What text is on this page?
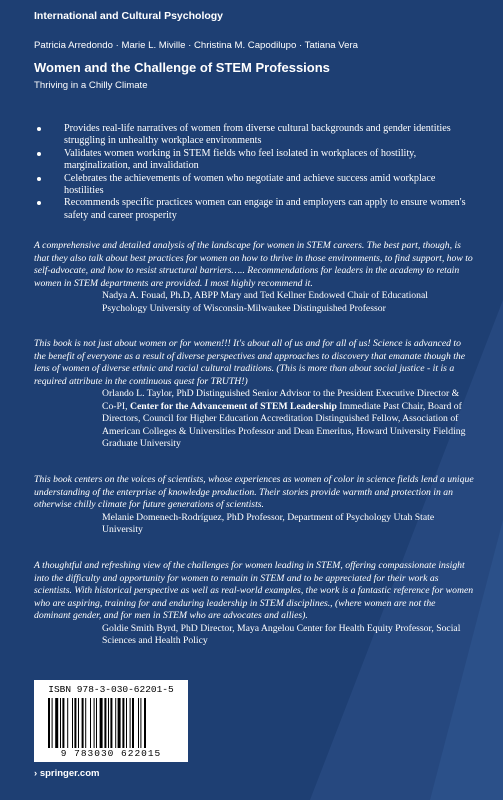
International and Cultural Psychology
Patricia Arredondo · Marie L. Miville · Christina M. Capodilupo · Tatiana Vera
Women and the Challenge of STEM Professions
Thriving in a Chilly Climate
Provides real-life narratives of women from diverse cultural backgrounds and gender identities struggling in unhealthy workplace environments
Validates women working in STEM fields who feel isolated in workplaces of hostility, marginalization, and invalidation
Celebrates the achievements of women who negotiate and achieve success amid workplace hostilities
Recommends specific practices women can engage in and employers can apply to ensure women's safety and career prosperity

A comprehensive and detailed analysis of the landscape for women in STEM careers. The best part, though, is that they also talk about best practices for women on how to thrive in those environments, to find support, how to self-advocate, and how to resist structural barriers….. Recommendations for leaders in the academy to retain women in STEM departments are provided. I most highly recommend it.

Nadya A. Fouad, Ph.D, ABPP Mary and Ted Kellner Endowed Chair of Educational Psychology University of Wisconsin-Milwaukee Distinguished Professor

This book is not just about women or for women!!! It's about all of us and for all of us! Science is advanced to the benefit of everyone as a result of diverse perspectives and approaches to discovery that emanate though the lens of women of diverse ethnic and racial cultural traditions. (This is more than about social justice - it is a required attribute in the continuous quest for TRUTH!)

Orlando L. Taylor, PhD Distinguished Senior Advisor to the President Executive Director & Co-PI, Center for the Advancement of STEM Leadership Immediate Past Chair, Board of Directors, Council for Higher Education Accreditation Distinguished Fellow, Association of American Colleges & Universities Professor and Dean Emeritus, Howard University Fielding Graduate University

This book centers on the voices of scientists, whose experiences as women of color in science fields lend a unique understanding of the enterprise of knowledge production. Their stories provide warmth and protection in an otherwise chilly climate for future generations of scientists.

Melanie Domenech-Rodríguez, PhD Professor, Department of Psychology Utah State University

A thoughtful and refreshing view of the challenges for women leading in STEM, offering compassionate insight into the difficulty and opportunity for women to remain in STEM and to be appreciated for their work as scientists. With historical perspective as well as real-world examples, the work is a fantastic reference for women who are aspiring, training for and enduring leadership in STEM disciplines., (where women are not the dominant gender, and for men in STEM who are advocates and allies).

Goldie Smith Byrd, PhD Director, Maya Angelou Center for Health Equity Professor, Social Sciences and Health Policy

ISBN 978-3-030-62201-5
9 783030 622015
› springer.com
